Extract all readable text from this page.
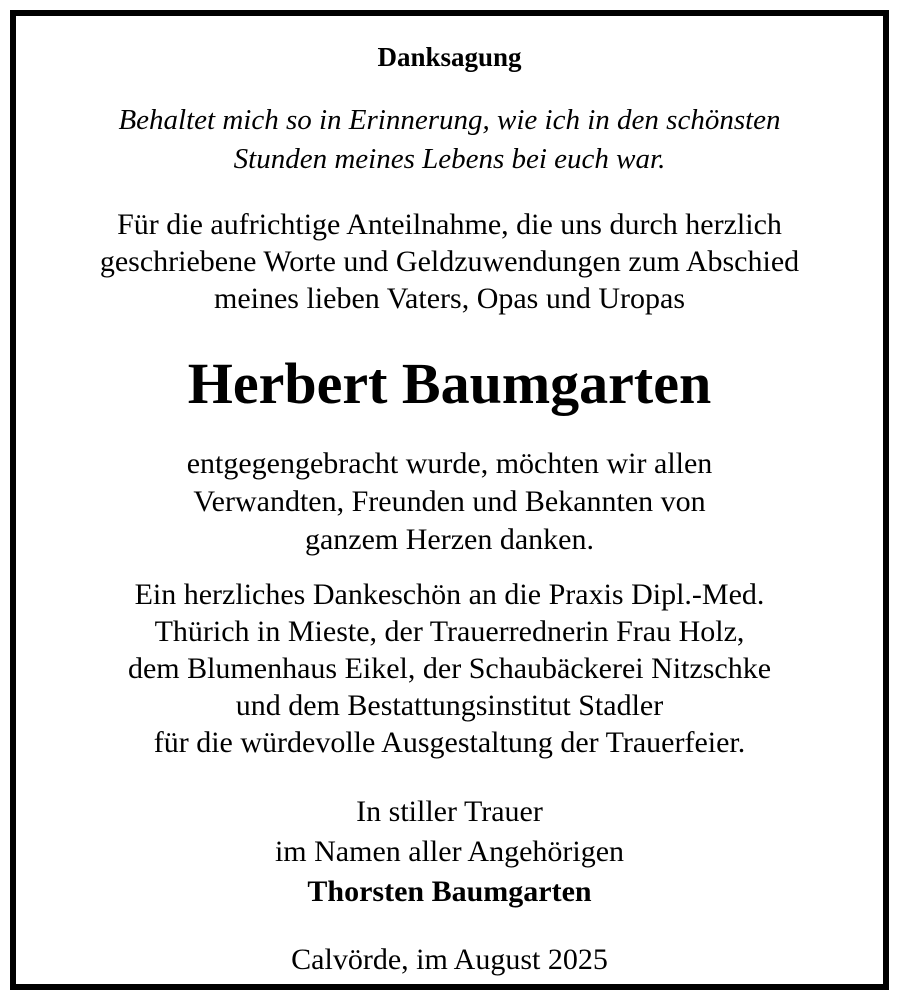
Danksagung
Behaltet mich so in Erinnerung, wie ich in den schönsten
Stunden meines Lebens bei euch war.
Für die aufrichtige Anteilnahme, die uns durch herzlich
geschriebene Worte und Geldzuwendungen zum Abschied
meines lieben Vaters, Opas und Uropas
Herbert Baumgarten
entgegengebracht wurde, möchten wir allen
Verwandten, Freunden und Bekannten von
ganzem Herzen danken.
Ein herzliches Dankeschön an die Praxis Dipl.-Med.
Thürich in Mieste, der Trauerrednerin Frau Holz,
dem Blumenhaus Eikel, der Schaubäckerei Nitzschke
und dem Bestattungsinstitut Stadler
für die würdevolle Ausgestaltung der Trauerfeier.
In stiller Trauer
im Namen aller Angehörigen
Thorsten Baumgarten
Calvörde, im August 2025
